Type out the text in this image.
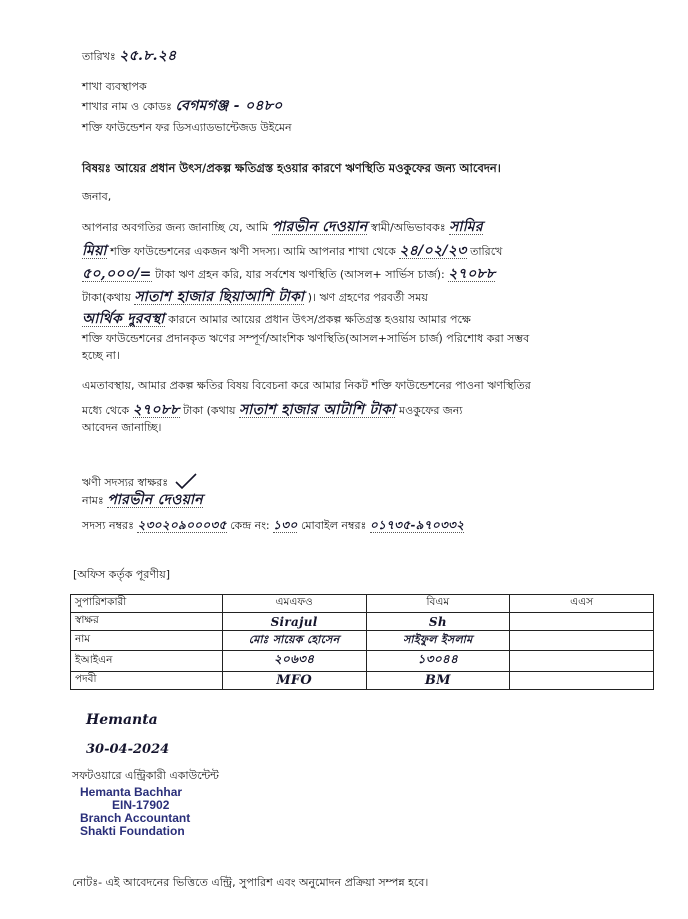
তারিখঃ ২৫.৮.২৪
শাখা ব্যবস্থাপক
শাখার নাম ও কোডঃ বেগমগঞ্জ - ০৪৮০
শক্তি ফাউন্ডেশন ফর ডিসএ্যাডভান্টেজড উইমেন
বিষয়ঃ আয়ের প্রধান উৎস/প্রকল্প ক্ষতিগ্রস্ত হওয়ার কারণে ঋণস্থিতি মওকুফের জন্য আবেদন।
জনাব,
আপনার অবগতির জন্য জানাচ্ছি যে, আমি পারভীন দেওয়ান স্বামী/অভিভাবকঃ সামির
মিয়া শক্তি ফাউন্ডেশনের একজন ঋণী সদস্য। আমি আপনার শাখা থেকে ২৪/০২/২৩ তারিখে
৫০,০০০/= টাকা ঋণ গ্রহন করি, যার সর্বশেষ ঋণস্থিতি (আসল+ সার্ভিস চার্জ): ২৭০৮৮
টাকা(কথায় সাতাশ হাজার ছিয়াআশি টাকা )। ঋণ গ্রহণের পরবর্তী সময়
আর্থিক দুরবস্থা কারনে আমার আয়ের প্রধান উৎস/প্রকল্প ক্ষতিগ্রস্ত হওয়ায় আমার পক্ষে
শক্তি ফাউন্ডেশনের প্রদানকৃত ঋণের সম্পূর্ণ/আংশিক ঋণস্থিতি(আসল+সার্ভিস চার্জ) পরিশোধ করা সম্ভব
হচ্ছে না।
এমতাবস্থায়, আমার প্রকল্প ক্ষতির বিষয় বিবেচনা করে আমার নিকট শক্তি ফাউন্ডেশনের পাওনা ঋণস্থিতির
মধ্যে থেকে ২৭০৮৮ টাকা (কথায় সাতাশ হাজার আটাশি টাকা মওকুফের জন্য
আবেদন জানাচ্ছি।
ঋণী সদস্যর স্বাক্ষরঃ
নামঃ পারভীন দেওয়ান
সদস্য নম্বরঃ ২৩০২০৯০০০৩৫ কেন্দ্র নং: ১৩০ মোবাইল নম্বরঃ ০১৭৩৫-৯৭০৩৩২
[অফিস কর্তৃক পূরণীয়]
সুপারিশকারী	এমএফও	বিএম	এএস
স্বাক্ষর	Sirajul	Sh	
নাম	মোঃ সায়েক হোসেন	সাইফুল ইসলাম	
ইআইএন	২০৬৩৪	১৩০৪৪	
পদবী	MFO	BM	
Hemanta
30-04-2024
সফটওয়ারে এন্ট্রিকারী একাউন্টেন্ট
Hemanta Bachhar
EIN-17902
Branch Accountant
Shakti Foundation
নোটঃ- এই আবেদনের ভিত্তিতে এন্ট্রি, সুপারিশ এবং অনুমোদন প্রক্রিয়া সম্পন্ন হবে।
